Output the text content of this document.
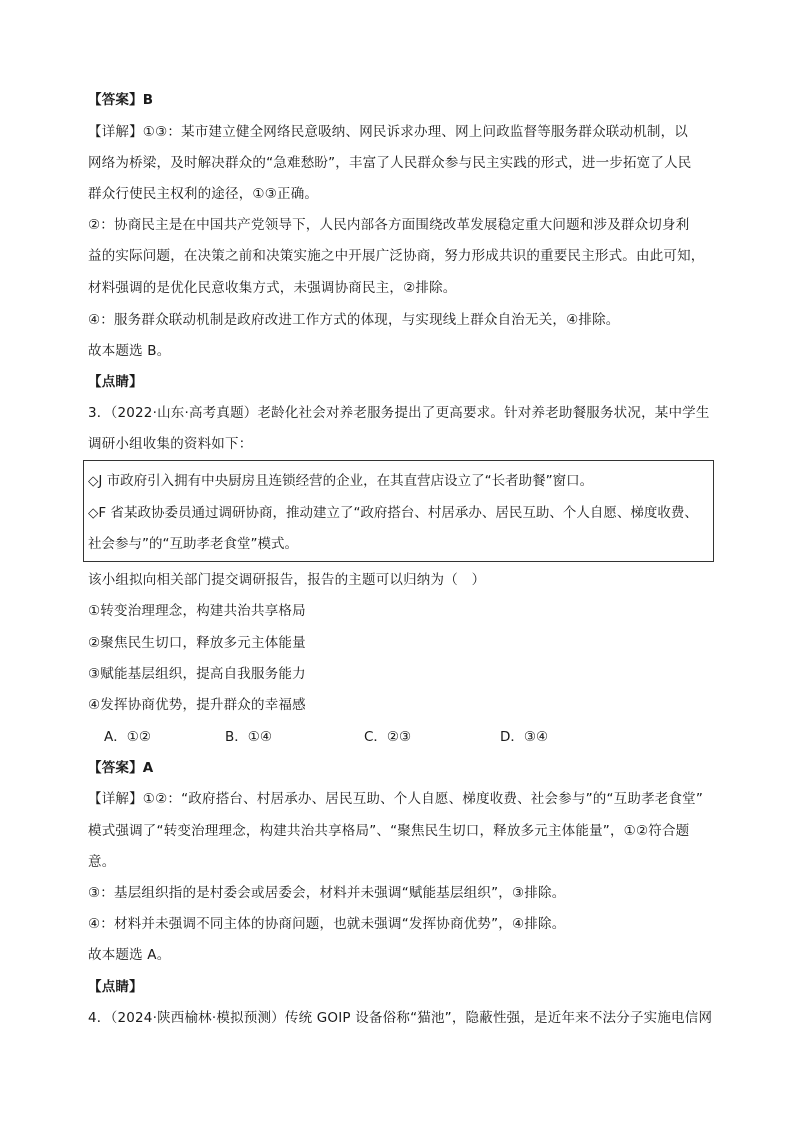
【答案】B
【详解】①③：某市建立健全网络民意吸纳、网民诉求办理、网上问政监督等服务群众联动机制，以
网络为桥梁，及时解决群众的“急难愁盼”，丰富了人民群众参与民主实践的形式，进一步拓宽了人民
群众行使民主权利的途径，①③正确。
②：协商民主是在中国共产党领导下，人民内部各方面围绕改革发展稳定重大问题和涉及群众切身利
益的实际问题，在决策之前和决策实施之中开展广泛协商，努力形成共识的重要民主形式。由此可知，
材料强调的是优化民意收集方式，未强调协商民主，②排除。
④：服务群众联动机制是政府改进工作方式的体现，与实现线上群众自治无关，④排除。
故本题选 B。
【点睛】
3．（2022·山东·高考真题）老龄化社会对养老服务提出了更高要求。针对养老助餐服务状况，某中学生
调研小组收集的资料如下：
◇J 市政府引入拥有中央厨房且连锁经营的企业，在其直营店设立了“长者助餐”窗口。
◇F 省某政协委员通过调研协商，推动建立了“政府搭台、村居承办、居民互助、个人自愿、梯度收费、
社会参与”的“互助孝老食堂”模式。
该小组拟向相关部门提交调研报告，报告的主题可以归纳为（　）
①转变治理理念，构建共治共享格局
②聚焦民生切口，释放多元主体能量
③赋能基层组织，提高自我服务能力
④发挥协商优势，提升群众的幸福感
A．①②	B．①④	C．②③	D．③④
【答案】A
【详解】①②：“政府搭台、村居承办、居民互助、个人自愿、梯度收费、社会参与”的“互助孝老食堂”
模式强调了“转变治理理念，构建共治共享格局”、“聚焦民生切口，释放多元主体能量”，①②符合题
意。
③：基层组织指的是村委会或居委会，材料并未强调“赋能基层组织”，③排除。
④：材料并未强调不同主体的协商问题，也就未强调“发挥协商优势”，④排除。
故本题选 A。
【点睛】
4．（2024·陕西榆林·模拟预测）传统 GOIP 设备俗称“猫池”，隐蔽性强，是近年来不法分子实施电信网
